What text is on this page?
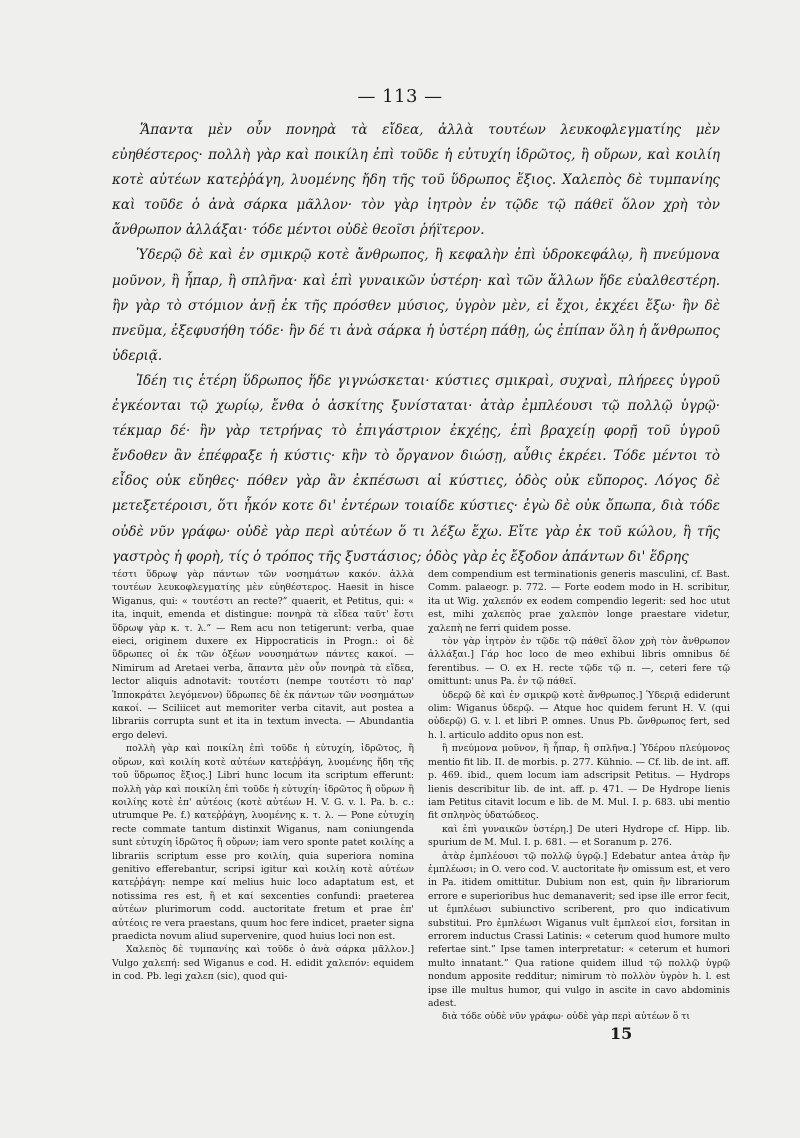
— 113 —

Ἅπαντα μὲν οὖν πονηρὰ τὰ εἴδεα, ἀλλὰ τουτέων λευκοφλεγματίης μὲν εὐηθέστερος· πολλὴ γὰρ καὶ ποικίλη ἐπὶ τοῦδε ἡ εὐτυχίη ἱδρῶτος, ἢ οὔρων, καὶ κοιλίη κοτὲ αὐτέων κατεῤῥάγη, λυομένης ἤδη τῆς τοῦ ὕδρωπος ἕξιος. Χαλεπὸς δὲ τυμπανίης καὶ τοῦδε ὁ ἀνὰ σάρκα μᾶλλον· τὸν γὰρ ἰητρὸν ἐν τῷδε τῷ πάθεϊ ὅλον χρὴ τὸν ἄνθρωπον ἀλλάξαι· τόδε μέντοι οὐδὲ θεοῖσι ῥήϊτερον.

Ὑδερῷ δὲ καὶ ἐν σμικρῷ κοτὲ ἄνθρωπος, ἢ κεφαλὴν ἐπὶ ὑδροκεφάλῳ, ἢ πνεύμονα μοῦνον, ἢ ἧπαρ, ἢ σπλῆνα· καὶ ἐπὶ γυναικῶν ὑστέρη· καὶ τῶν ἄλλων ἥδε εὐαλθεστέρη. ἢν γὰρ τὸ στόμιον ἀνῇ ἐκ τῆς πρόσθεν μύσιος, ὑγρὸν μὲν, εἰ ἔχοι, ἐκχέει ἔξω· ἢν δὲ πνεῦμα, ἐξεφυσήθη τόδε· ἢν δέ τι ἀνὰ σάρκα ἡ ὑστέρη πάθῃ, ὡς ἐπίπαν ὅλη ἡ ἄνθρωπος ὑδεριᾷ.

Ἰδέη τις ἑτέρη ὕδρωπος ἥδε γιγνώσκεται· κύστιες σμικραὶ, συχναὶ, πλήρεες ὑγροῦ ἐγκέονται τῷ χωρίῳ, ἔνθα ὁ ἀσκίτης ξυνίσταται· ἀτὰρ ἐμπλέουσι τῷ πολλῷ ὑγρῷ· τέκμαρ δέ· ἢν γὰρ τετρήνας τὸ ἐπιγάστριον ἐκχέῃς, ἐπὶ βραχείῃ φορῇ τοῦ ὑγροῦ ἔνδοθεν ἂν ἐπέφραξε ἡ κύστις· κἢν τὸ ὄργανον διώσῃ, αὖθις ἐκρέει. Τόδε μέντοι τὸ εἶδος οὐκ εὔηθες· πόθεν γὰρ ἂν ἐκπέσωσι αἱ κύστιες, ὁδὸς οὐκ εὔπορος. Λόγος δὲ μετεξετέροισι, ὅτι ἧκόν κοτε δι' ἐντέρων τοιαίδε κύστιες· ἐγὼ δὲ οὐκ ὄπωπα, διὰ τόδε οὐδὲ νῦν γράφω· οὐδὲ γὰρ περὶ αὐτέων ὅ τι λέξω ἔχω. Εἴτε γὰρ ἐκ τοῦ κώλου, ἢ τῆς γαστρὸς ἡ φορὴ, τίς ὁ τρόπος τῆς ξυστάσιος; ὁδὸς γὰρ ἐς ἔξοδον ἁπάντων δι' ἕδρης

τέστι ὕδρωψ γὰρ πάντων τῶν νοσημάτων κακόν. ἀλλὰ τουτέων λευκοφλεγματίης μὲν εὐηθέστερος. Haesit in hisce Wiganus, qui: « τουτέστι an recte?” quaerit, et Petitus, qui: « ita, inquit, emenda et distingue: πονηρὰ τὰ εἴδεα ταῦτ' ἔστι ὕδρωψ γὰρ κ. τ. λ.” — Rem acu non tetigerunt: verba, quae eieci, originem duxere ex Hippocraticis in Progn.: οἱ δὲ ὕδρωπες οἱ ἐκ τῶν ὀξέων νουσημάτων πάντες κακοί. — Nimirum ad Aretaei verba, ἅπαντα μὲν οὖν πονηρὰ τὰ εἴδεα, lector aliquis adnotavit: τουτέστι (nempe τουτέστι τὸ παρ' Ἱπποκράτει λεγόμενον) ὕδρωπες δὲ ἐκ πάντων τῶν νοσημάτων κακοί. — Sciliicet aut memoriter verba citavit, aut postea a librariis corrupta sunt et ita in textum invecta. — Abundantia ergo delevi.

πολλὴ γὰρ καὶ ποικίλη ἐπὶ τοῦδε ἡ εὐτυχίη, ἱδρῶτος, ἢ οὔρων, καὶ κοιλίη κοτὲ αὐτέων κατεῤῥάγη, λυομένης ἤδη τῆς τοῦ ὕδρωπος ἕξιος.] Libri hunc locum ita scriptum efferunt: πολλὴ γὰρ καὶ ποικίλη ἐπὶ τοῦδε ἡ εὐτυχίη· ἱδρῶτος ἢ οὔρων ἢ κοιλίης κοτὲ ἐπ' αὐτέοις (κοτὲ αὐτέων H. V. G. v. l. Pa. b. c.: utrumque Pe. f.) κατεῤῥάγη, λυομένης κ. τ. λ. — Pone εὐτυχίη recte commate tantum distinxit Wiganus, nam coniungenda sunt εὐτυχίη ἱδρῶτος ἢ οὔρων; iam vero sponte patet κοιλίης a librariis scriptum esse pro κοιλίη, quia superiora nomina genitivo efferebantur, scripsi igitur καὶ κοιλίη κοτὲ αὐτέων κατεῤῥάγη: nempe καί melius huic loco adaptatum est, et notissima res est, ἢ et καί sexcenties confundi: praeterea αὐτέων plurimorum codd. auctoritate fretum et prae ἐπ' αὐτέοις re vera praestans, quum hoc fere indicet, praeter signa praedicta novum aliud supervenire, quod huius loci non est.

Χαλεπὸς δὲ τυμπανίης καὶ τοῦδε ὁ ἀνὰ σάρκα μᾶλλον.] Vulgo χαλεπή: sed Wiganus e cod. H. edidit χαλεπόν: equidem in cod. Pb. legi χαλεπ (sic), quod qui-

dem compendium est terminationis generis masculini, cf. Bast. Comm. palaeogr. p. 772. — Forte eodem modo in H. scribitur, ita ut Wig. χαλεπόν ex eodem compendio legerit: sed hoc utut est, mihi χαλεπὸς prae χαλεπὸν longe praestare videtur, χαλεπὴ ne ferri quidem posse.

τὸν γὰρ ἰητρὸν ἐν τῷδε τῷ πάθεϊ ὅλον χρὴ τὸν ἄνθρωπον ἀλλάξαι.] Γάρ hoc loco de meo exhibui libris omnibus δέ ferentibus. — O. ex H. recte τῷδε τῷ π. —, ceteri fere τῷ omittunt: unus Pa. ἐν τῷ πάθεϊ.

ὑδερῷ δὲ καὶ ἐν σμικρῷ κοτὲ ἄνθρωπος.] Ὑδεριᾷ ediderunt olim: Wiganus ὑδερῷ. — Atque hoc quidem ferunt H. V. (qui οὐδερῷ) G. v. l. et libri P. omnes. Unus Pb. ὤνθρωπος fert, sed h. l. articulo addito opus non est.

ἢ πνεύμονα μοῦνον, ἢ ἧπαρ, ἢ σπλῆνα.] Ὑδέρου πλεύμονος mentio fit lib. II. de morbis. p. 277. Kühnio. — Cf. lib. de int. aff. p. 469. ibid., quem locum iam adscripsit Petitus. — Hydrops lienis describitur lib. de int. aff. p. 471. — De Hydrope lienis iam Petitus citavit locum e lib. de M. Mul. I. p. 683. ubi mentio fit σπληνὸς ὑδατώδεος.

καὶ ἐπὶ γυναικῶν ὑστέρη.] De uteri Hydrope cf. Hipp. lib. spurium de M. Mul. I. p. 681. — et Soranum p. 276.

ἀτὰρ ἐμπλέουσι τῷ πολλῷ ὑγρῷ.] Edebatur antea ἀτὰρ ἢν ἐμπλέωσι; in O. vero cod. V. auctoritate ἢν omissum est, et vero in Pa. itidem omittitur. Dubium non est, quin ἢν librariorum errore e superioribus huc demanaverit; sed ipse ille error fecit, ut ἐμπλέωσι subiunctivo scriberent, pro quo indicativum substitui. Pro ἐμπλέωσι Wiganus vult ἐμπλεοί εἰσι, forsitan in errorem inductus Crassi Latinis: « ceterum quod humore multo refertae sint.” Ipse tamen interpretatur: « ceterum et humori multo innatant.” Qua ratione quidem illud τῷ πολλῷ ὑγρῷ nondum apposite redditur; nimirum τὸ πολλὸν ὑγρὸν h. l. est ipse ille multus humor, qui vulgo in ascite in cavo abdominis adest.

διὰ τόδε οὐδὲ νῦν γράφω· οὐδὲ γὰρ περὶ αὐτέων ὅ τι

15
